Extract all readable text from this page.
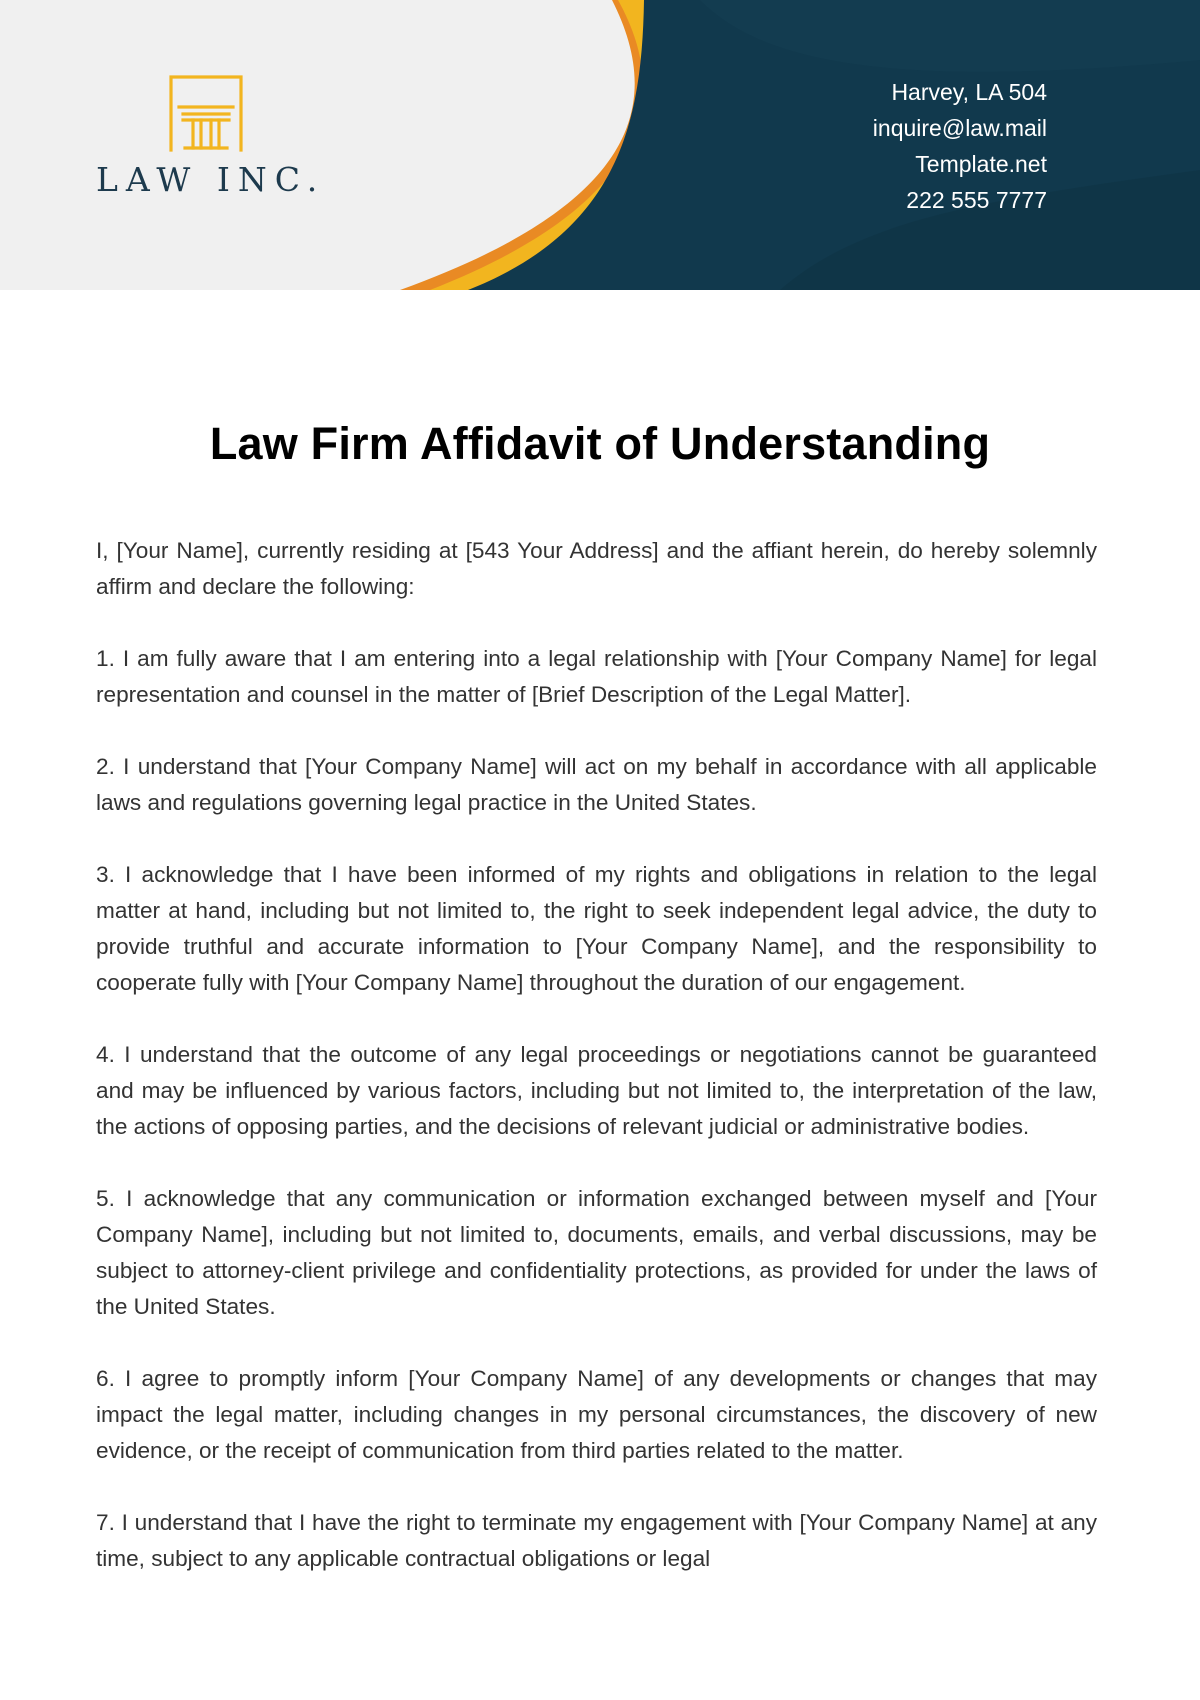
LAW INC.
Harvey, LA 504
inquire@law.mail
Template.net
222 555 7777
Law Firm Affidavit of Understanding

I, [Your Name], currently residing at [543 Your Address] and the affiant herein, do hereby solemnly affirm and declare the following:

1. I am fully aware that I am entering into a legal relationship with [Your Company Name] for legal representation and counsel in the matter of [Brief Description of the Legal Matter].

2. I understand that [Your Company Name] will act on my behalf in accordance with all applicable laws and regulations governing legal practice in the United States.

3. I acknowledge that I have been informed of my rights and obligations in relation to the legal matter at hand, including but not limited to, the right to seek independent legal advice, the duty to provide truthful and accurate information to [Your Company Name], and the responsibility to cooperate fully with [Your Company Name] throughout the duration of our engagement.

4. I understand that the outcome of any legal proceedings or negotiations cannot be guaranteed and may be influenced by various factors, including but not limited to, the interpretation of the law, the actions of opposing parties, and the decisions of relevant judicial or administrative bodies.

5. I acknowledge that any communication or information exchanged between myself and [Your Company Name], including but not limited to, documents, emails, and verbal discussions, may be subject to attorney-client privilege and confidentiality protections, as provided for under the laws of the United States.

6. I agree to promptly inform [Your Company Name] of any developments or changes that may impact the legal matter, including changes in my personal circumstances, the discovery of new evidence, or the receipt of communication from third parties related to the matter.

7. I understand that I have the right to terminate my engagement with [Your Company Name] at any time, subject to any applicable contractual obligations or legal
